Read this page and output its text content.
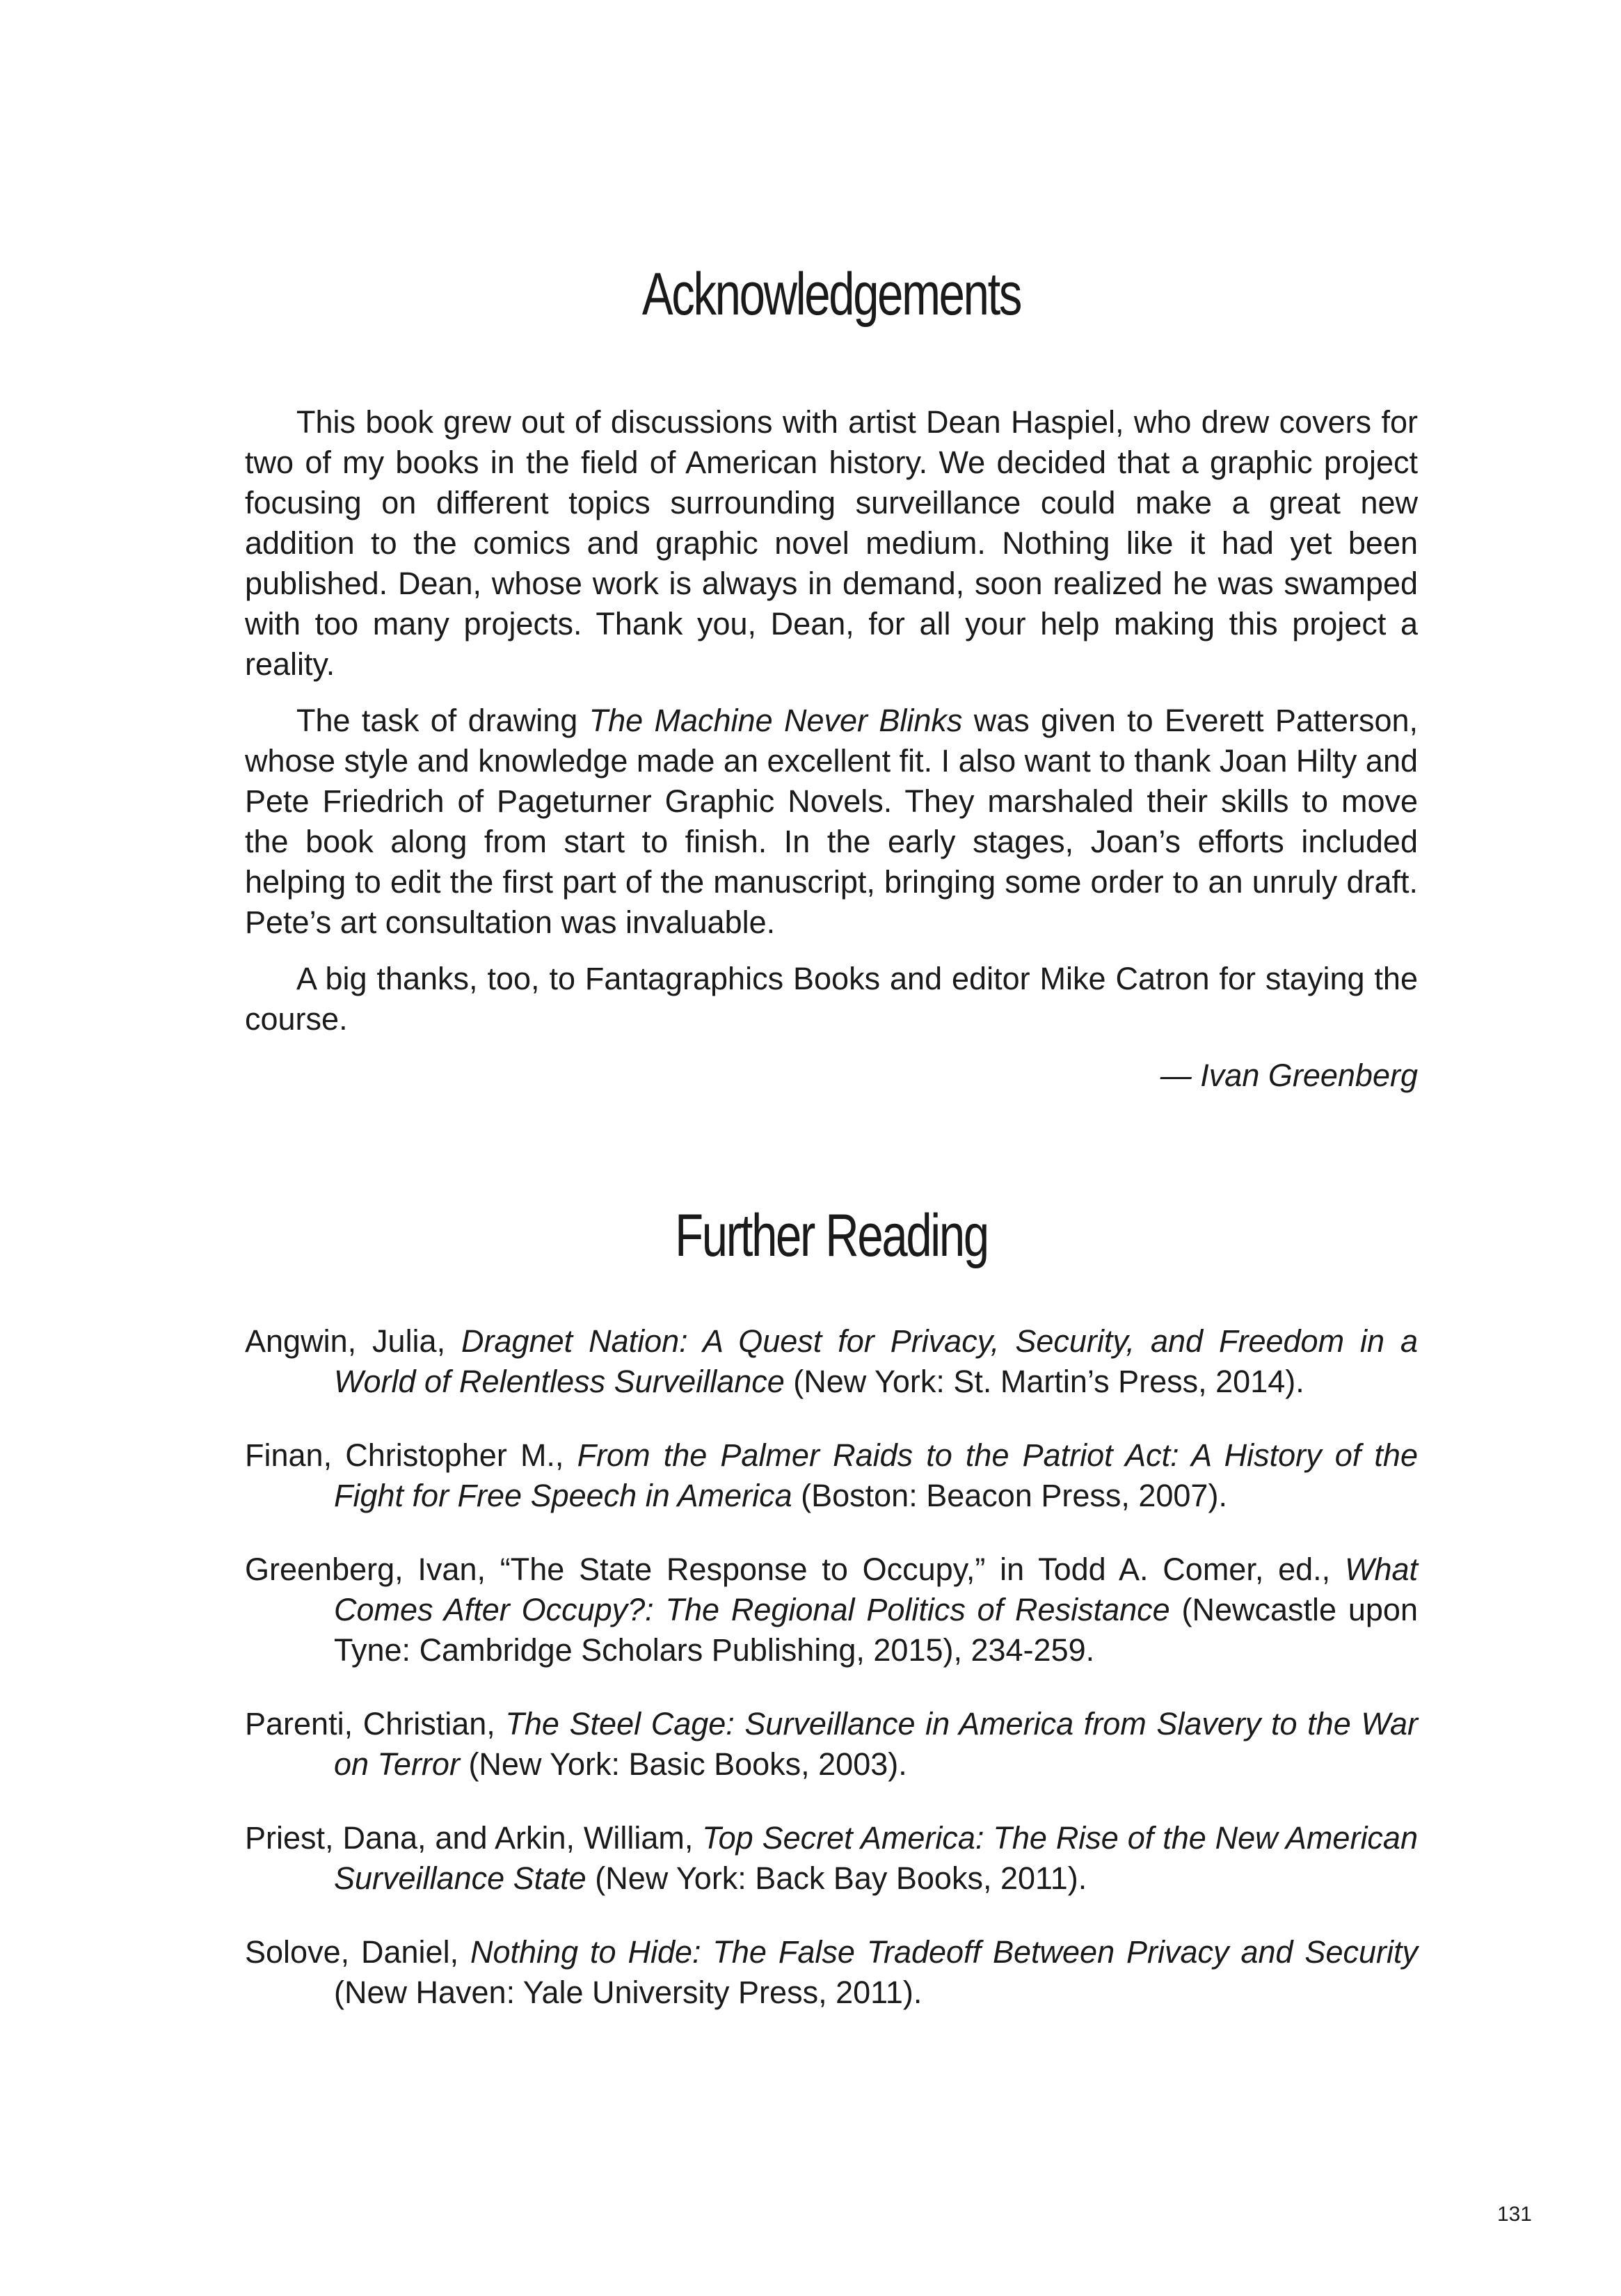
Acknowledgements

This book grew out of discussions with artist Dean Haspiel, who drew covers for two of my books in the field of American history. We decided that a graphic project focusing on different topics surrounding surveillance could make a great new addition to the comics and graphic novel medium. Nothing like it had yet been published. Dean, whose work is always in demand, soon realized he was swamped with too many projects. Thank you, Dean, for all your help making this project a reality.

The task of drawing The Machine Never Blinks was given to Everett Patterson, whose style and knowledge made an excellent fit. I also want to thank Joan Hilty and Pete Friedrich of Pageturner Graphic Novels. They marshaled their skills to move the book along from start to finish. In the early stages, Joan’s efforts included helping to edit the first part of the manuscript, bringing some order to an unruly draft. Pete’s art consultation was invaluable.

A big thanks, too, to Fantagraphics Books and editor Mike Catron for staying the course.

— Ivan Greenberg
Further Reading

Angwin, Julia, Dragnet Nation: A Quest for Privacy, Security, and Freedom in a World of Relentless Surveillance (New York: St. Martin’s Press, 2014).

Finan, Christopher M., From the Palmer Raids to the Patriot Act: A History of the Fight for Free Speech in America (Boston: Beacon Press, 2007).

Greenberg, Ivan, “The State Response to Occupy,” in Todd A. Comer, ed., What Comes After Occupy?: The Regional Politics of Resistance (Newcastle upon Tyne: Cambridge Scholars Publishing, 2015), 234-259.

Parenti, Christian, The Steel Cage: Surveillance in America from Slavery to the War on Terror (New York: Basic Books, 2003).

Priest, Dana, and Arkin, William, Top Secret America: The Rise of the New American Surveillance State (New York: Back Bay Books, 2011).

Solove, Daniel, Nothing to Hide: The False Tradeoff Between Privacy and Security (New Haven: Yale University Press, 2011).

131
